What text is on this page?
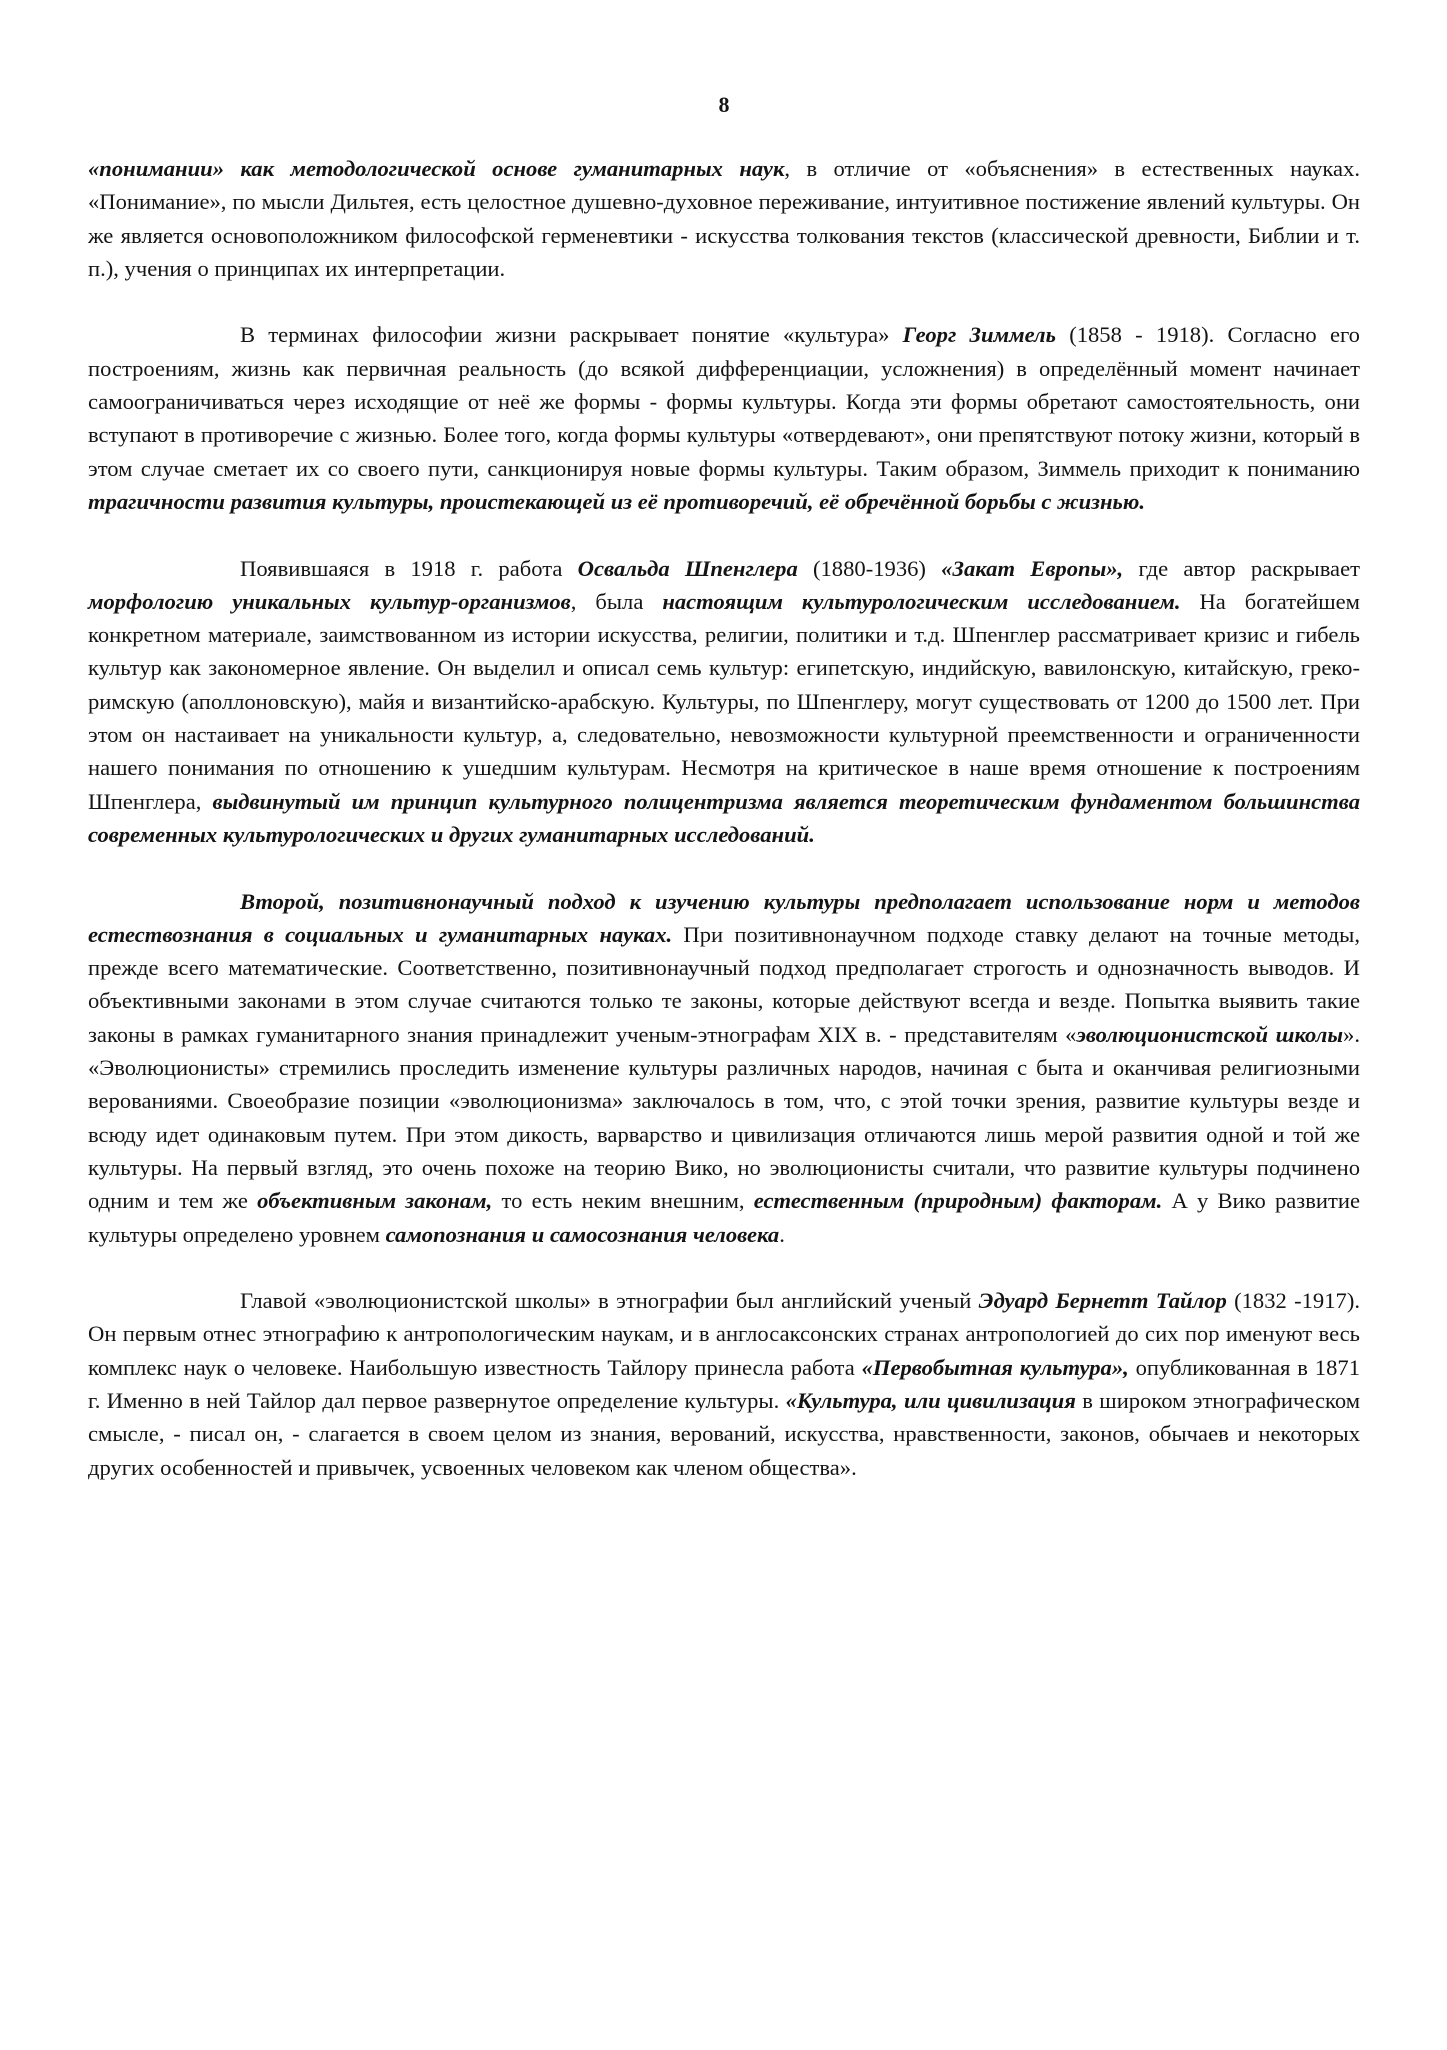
8

«понимании» как методологической основе гуманитарных наук, в отличие от «объяснения» в естественных науках. «Понимание», по мысли Дильтея, есть целостное душевно-духовное переживание, интуитивное постижение явлений культуры. Он же является основоположником философской герменевтики - искусства толкования текстов (классической древности, Библии и т. п.), учения о принципах их интерпретации.

В терминах философии жизни раскрывает понятие «культура» Георг Зиммель (1858 - 1918). Согласно его построениям, жизнь как первичная реальность (до всякой дифференциации, усложнения) в определённый момент начинает самоограничиваться через исходящие от неё же формы - формы культуры. Когда эти формы обретают самостоятельность, они вступают в противоречие с жизнью. Более того, когда формы культуры «отвердевают», они препятствуют потоку жизни, который в этом случае сметает их со своего пути, санкционируя новые формы культуры. Таким образом, Зиммель приходит к пониманию трагичности развития культуры, проистекающей из её противоречий, её обречённой борьбы с жизнью.

Появившаяся в 1918 г. работа Освальда Шпенглера (1880-1936) «Закат Европы», где автор раскрывает морфологию уникальных культур-организмов, была настоящим культурологическим исследованием. На богатейшем конкретном материале, заимствованном из истории искусства, религии, политики и т.д. Шпенглер рассматривает кризис и гибель культур как закономерное явление. Он выделил и описал семь культур: египетскую, индийскую, вавилонскую, китайскую, греко-римскую (аполлоновскую), майя и византийско-арабскую. Культуры, по Шпенглеру, могут существовать от 1200 до 1500 лет. При этом он настаивает на уникальности культур, а, следовательно, невозможности культурной преемственности и ограниченности нашего понимания по отношению к ушедшим культурам. Несмотря на критическое в наше время отношение к построениям Шпенглера, выдвинутый им принцип культурного полицентризма является теоретическим фундаментом большинства современных культурологических и других гуманитарных исследований.

Второй, позитивнонаучный подход к изучению культуры предполагает использование норм и методов естествознания в социальных и гуманитарных науках. При позитивнонаучном подходе ставку делают на точные методы, прежде всего математические. Соответственно, позитивнонаучный подход предполагает строгость и однозначность выводов. И объективными законами в этом случае считаются только те законы, которые действуют всегда и везде. Попытка выявить такие законы в рамках гуманитарного знания принадлежит ученым-этнографам XIX в. - представителям «эволюционистской школы». «Эволюционисты» стремились проследить изменение культуры различных народов, начиная с быта и оканчивая религиозными верованиями. Своеобразие позиции «эволюционизма» заключалось в том, что, с этой точки зрения, развитие культуры везде и всюду идет одинаковым путем. При этом дикость, варварство и цивилизация отличаются лишь мерой развития одной и той же культуры. На первый взгляд, это очень похоже на теорию Вико, но эволюционисты считали, что развитие культуры подчинено одним и тем же объективным законам, то есть неким внешним, естественным (природным) факторам. А у Вико развитие культуры определено уровнем самопознания и самосознания человека.

Главой «эволюционистской школы» в этнографии был английский ученый Эдуард Бернетт Тайлор (1832 -1917). Он первым отнес этнографию к антропологическим наукам, и в англосаксонских странах антропологией до сих пор именуют весь комплекс наук о человеке. Наибольшую известность Тайлору принесла работа «Первобытная культура», опубликованная в 1871 г. Именно в ней Тайлор дал первое развернутое определение культуры. «Культура, или цивилизация в широком этнографическом смысле, - писал он, - слагается в своем целом из знания, верований, искусства, нравственности, законов, обычаев и некоторых других особенностей и привычек, усвоенных человеком как членом общества».
